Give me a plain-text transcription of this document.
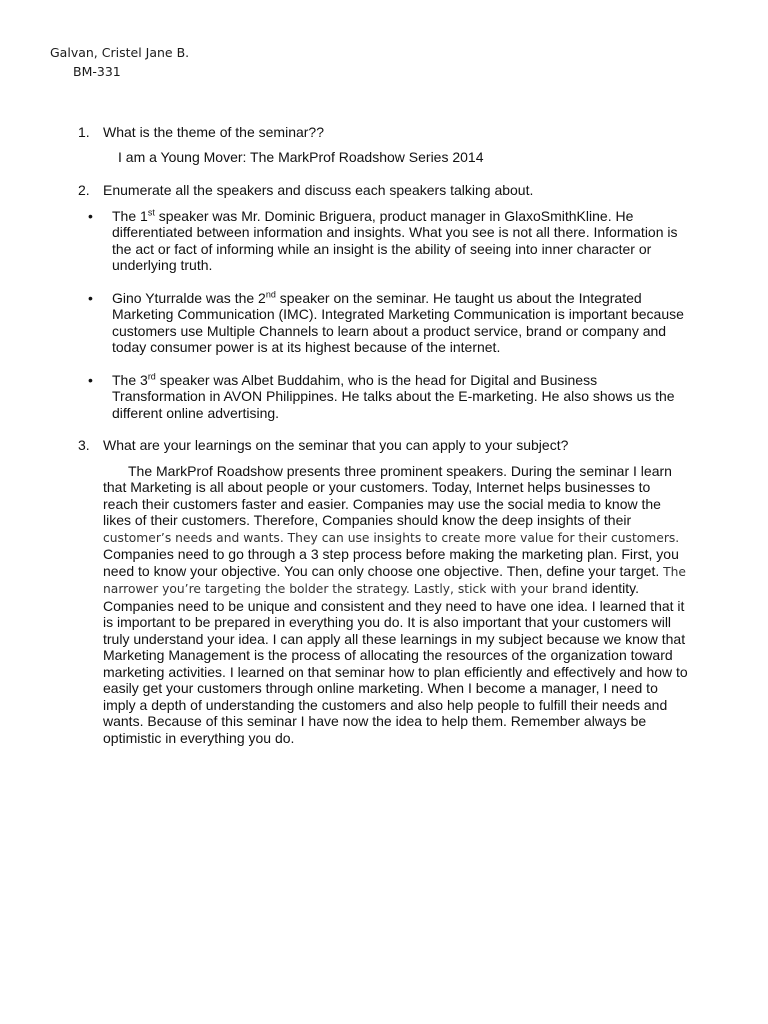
Galvan, Cristel Jane B.
BM-331
1. What is the theme of the seminar??
I am a Young Mover: The MarkProf Roadshow Series 2014
2. Enumerate all the speakers and discuss each speakers talking about.
•	The 1st speaker was Mr. Dominic Briguera, product manager in GlaxoSmithKline. He differentiated between information and insights. What you see is not all there. Information is the act or fact of informing while an insight is the ability of seeing into inner character or underlying truth.
•	Gino Yturralde was the 2nd speaker on the seminar. He taught us about the Integrated Marketing Communication (IMC). Integrated Marketing Communication is important because customers use Multiple Channels to learn about a product service, brand or company and today consumer power is at its highest because of the internet.
•	The 3rd speaker was Albet Buddahim, who is the head for Digital and Business Transformation in AVON Philippines. He talks about the E-marketing. He also shows us the different online advertising.
3. What are your learnings on the seminar that you can apply to your subject?
The MarkProf Roadshow presents three prominent speakers. During the seminar I learn that Marketing is all about people or your customers. Today, Internet helps businesses to reach their customers faster and easier. Companies may use the social media to know the likes of their customers. Therefore, Companies should know the deep insights of their customer’s needs and wants. They can use insights to create more value for their customers. Companies need to go through a 3 step process before making the marketing plan. First, you need to know your objective. You can only choose one objective. Then, define your target. The narrower you’re targeting the bolder the strategy. Lastly, stick with your brand identity. Companies need to be unique and consistent and they need to have one idea. I learned that it is important to be prepared in everything you do. It is also important that your customers will truly understand your idea. I can apply all these learnings in my subject because we know that Marketing Management is the process of allocating the resources of the organization toward marketing activities. I learned on that seminar how to plan efficiently and effectively and how to easily get your customers through online marketing. When I become a manager, I need to imply a depth of understanding the customers and also help people to fulfill their needs and wants. Because of this seminar I have now the idea to help them. Remember always be optimistic in everything you do.
